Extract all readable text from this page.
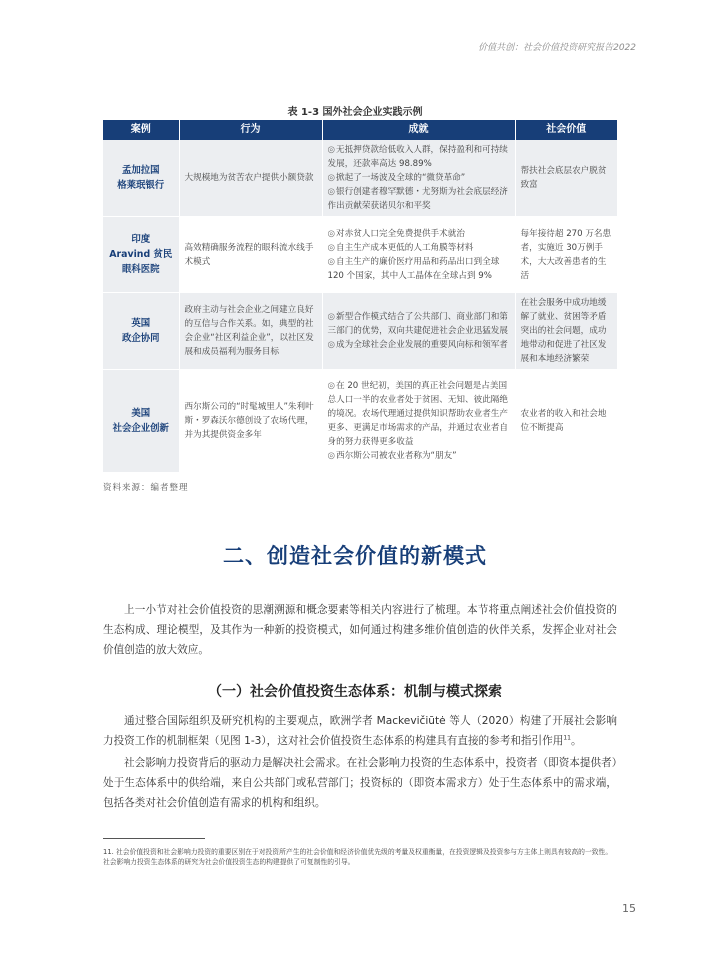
价值共创：社会价值投资研究报告2022
表 1-3 国外社会企业实践示例
案例	行为	成就	社会价值

孟加拉国
格莱珉银行	大规模地为贫苦农户提供小额贷款	◎无抵押贷款给低收入人群，保持盈利和可持续发展，还款率高达 98.89%
◎掀起了一场波及全球的“微贷革命”
◎银行创建者穆罕默德・尤努斯为社会底层经济作出贡献荣获诺贝尔和平奖	帮扶社会底层农户脱贫致富

印度
Aravind 贫民
眼科医院	高效精确服务流程的眼科流水线手术模式	◎对赤贫人口完全免费提供手术就治
◎自主生产成本更低的人工角膜等材料
◎自主生产的廉价医疗用品和药品出口到全球 120 个国家，其中人工晶体在全球占到 9%	每年接待超 270 万名患者，实施近 30万例手术，大大改善患者的生活

英国
政企协同	政府主动与社会企业之间建立良好的互信与合作关系。如，典型的社会企业“社区利益企业”，以社区发展和成员福利为服务目标	◎新型合作模式结合了公共部门、商业部门和第三部门的优势，双向共建促进社会企业迅猛发展
◎成为全球社会企业发展的重要风向标和领军者	在社会服务中成功地缓解了就业、贫困等矛盾突出的社会问题，成功地带动和促进了社区发展和本地经济繁荣

美国
社会企业创新	西尔斯公司的“时髦城里人”朱利叶斯・罗森沃尔德创设了农场代理，并为其提供资金多年	◎在 20 世纪初，美国的真正社会问题是占美国总人口一半的农业者处于贫困、无知、彼此隔绝的境况。农场代理通过提供知识帮助农业者生产更多、更满足市场需求的产品，并通过农业者自身的努力获得更多收益
◎西尔斯公司被农业者称为“朋友”	农业者的收入和社会地位不断提高
资料来源：编者整理
二、创造社会价值的新模式
上一小节对社会价值投资的思潮溯源和概念要素等相关内容进行了梳理。本节将重点阐述社会价值投资的生态构成、理论模型，及其作为一种新的投资模式，如何通过构建多维价值创造的伙伴关系，发挥企业对社会价值创造的放大效应。
（一）社会价值投资生态体系：机制与模式探索
通过整合国际组织及研究机构的主要观点，欧洲学者 Mackevičiūtė 等人（2020）构建了开展社会影响力投资工作的机制框架（见图 1-3），这对社会价值投资生态体系的构建具有直接的参考和指引作用$^{11}$。
社会影响力投资背后的驱动力是解决社会需求。在社会影响力投资的生态体系中，投资者（即资本提供者）处于生态体系中的供给端，来自公共部门或私营部门；投资标的（即资本需求方）处于生态体系中的需求端，包括各类对社会价值创造有需求的机构和组织。
11. 社会价值投资和社会影响力投资的重要区别在于对投资所产生的社会价值和经济价值优先级的考量及权重衡量，在投资逻辑及投资参与方主体上则具有较高的一致性。
社会影响力投资生态体系的研究为社会价值投资生态的构建提供了可复制性的引导。
15
